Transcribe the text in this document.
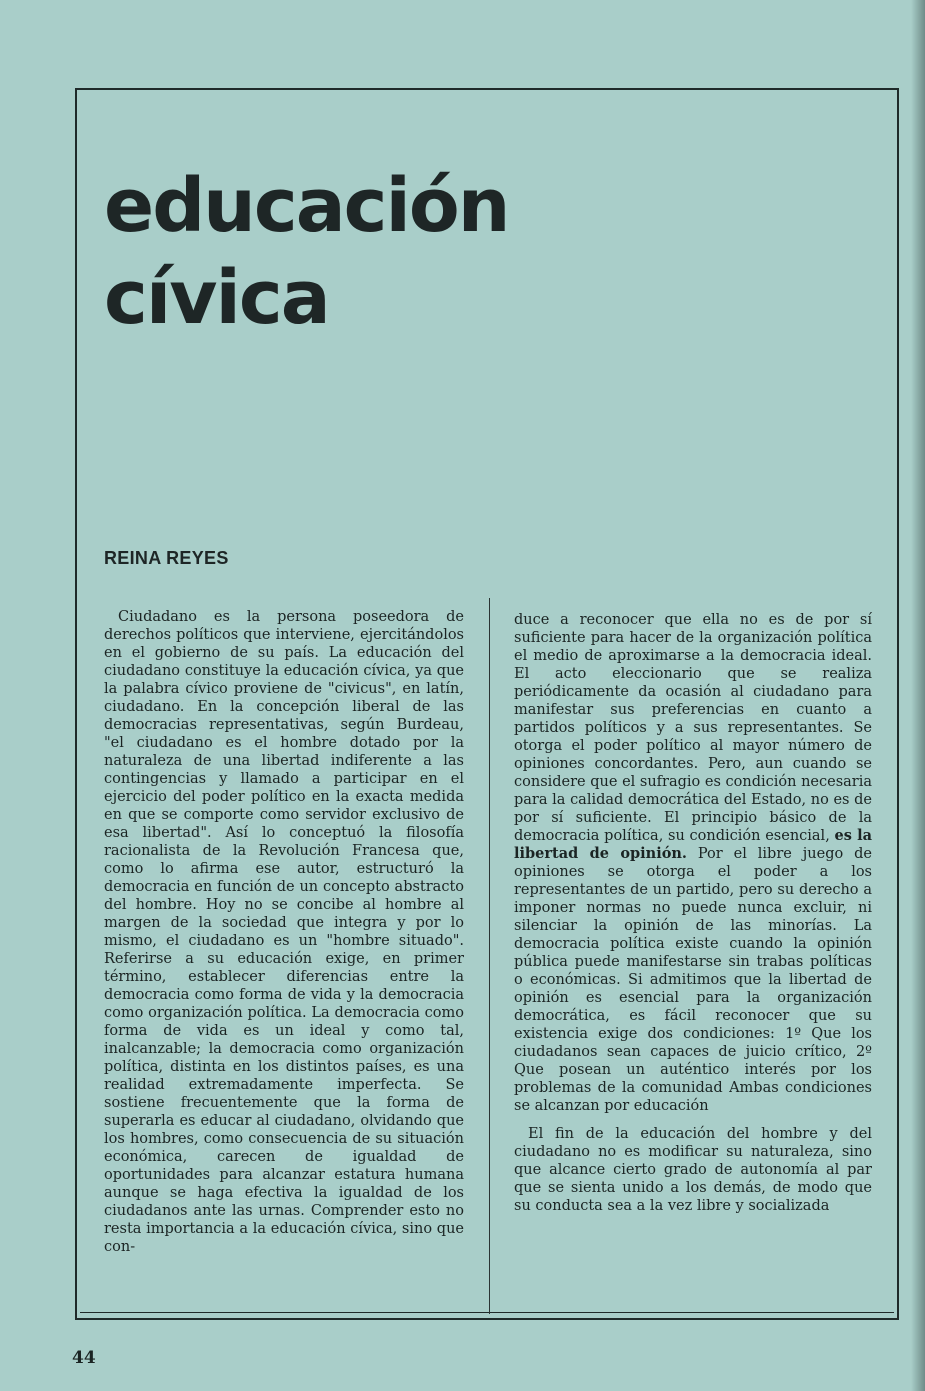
educación
cívica
REINA REYES

Ciudadano es la persona poseedora de derechos políticos que interviene, ejercitándolos en el gobierno de su país. La educación del ciudadano constituye la educación cívica, ya que la palabra cívico proviene de "civicus", en latín, ciudadano. En la concepción liberal de las democracias representativas, según Burdeau, "el ciudadano es el hombre dotado por la naturaleza de una libertad indiferente a las contingencias y llamado a participar en el ejercicio del poder político en la exacta medida en que se comporte como servidor exclusivo de esa libertad". Así lo conceptuó la filosofía racionalista de la Revolución Francesa que, como lo afirma ese autor, estructuró la democracia en función de un concepto abstracto del hombre. Hoy no se concibe al hombre al margen de la sociedad que integra y por lo mismo, el ciudadano es un "hombre situado". Referirse a su educación exige, en primer término, establecer diferencias entre la democracia como forma de vida y la democracia como organización política. La democracia como forma de vida es un ideal y como tal, inalcanzable; la democracia como organización política, distinta en los distintos países, es una realidad extremadamente imperfecta. Se sostiene frecuentemente que la forma de superarla es educar al ciudadano, olvidando que los hombres, como consecuencia de su situación económica, carecen de igualdad de oportunidades para alcanzar estatura humana aunque se haga efectiva la igualdad de los ciudadanos ante las urnas. Comprender esto no resta importancia a la educación cívica, sino que con-

duce a reconocer que ella no es de por sí suficiente para hacer de la organización política el medio de aproximarse a la democracia ideal. El acto eleccionario que se realiza periódicamente da ocasión al ciudadano para manifestar sus preferencias en cuanto a partidos políticos y a sus representantes. Se otorga el poder político al mayor número de opiniones concordantes. Pero, aun cuando se considere que el sufragio es condición necesaria para la calidad democrática del Estado, no es de por sí suficiente. El principio básico de la democracia política, su condición esencial, es la libertad de opinión. Por el libre juego de opiniones se otorga el poder a los representantes de un partido, pero su derecho a imponer normas no puede nunca excluir, ni silenciar la opinión de las minorías. La democracia política existe cuando la opinión pública puede manifestarse sin trabas políticas o económicas. Si admitimos que la libertad de opinión es esencial para la organización democrática, es fácil reconocer que su existencia exige dos condiciones: 1º Que los ciudadanos sean capaces de juicio crítico, 2º Que posean un auténtico interés por los problemas de la comunidad Ambas condiciones se alcanzan por educación

El fin de la educación del hombre y del ciudadano no es modificar su naturaleza, sino que alcance cierto grado de autonomía al par que se sienta unido a los demás, de modo que su conducta sea a la vez libre y socializada

44
